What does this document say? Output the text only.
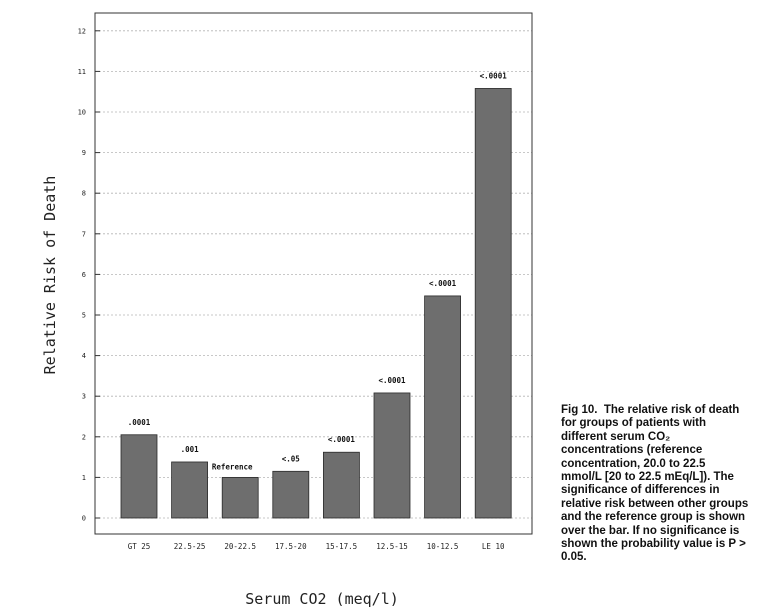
0
1
2
3
4
5
6
7
8
9
10
11
12
GT 25	22.5-25	20-22.5	17.5-20	15-17.5	12.5-15	10-12.5	LE 10
.0001
.001
Reference
<.05
<.0001
<.0001
<.0001
<.0001
Relative Risk of Death
Serum CO2 (meq/l)

Fig 10. The relative risk of death for groups of patients with different serum CO₂ concentrations (reference concentration, 20.0 to 22.5 mmol/L [20 to 22.5 mEq/L]). The significance of differences in relative risk between other groups and the reference group is shown over the bar. If no significance is shown the probability value is P > 0.05.
